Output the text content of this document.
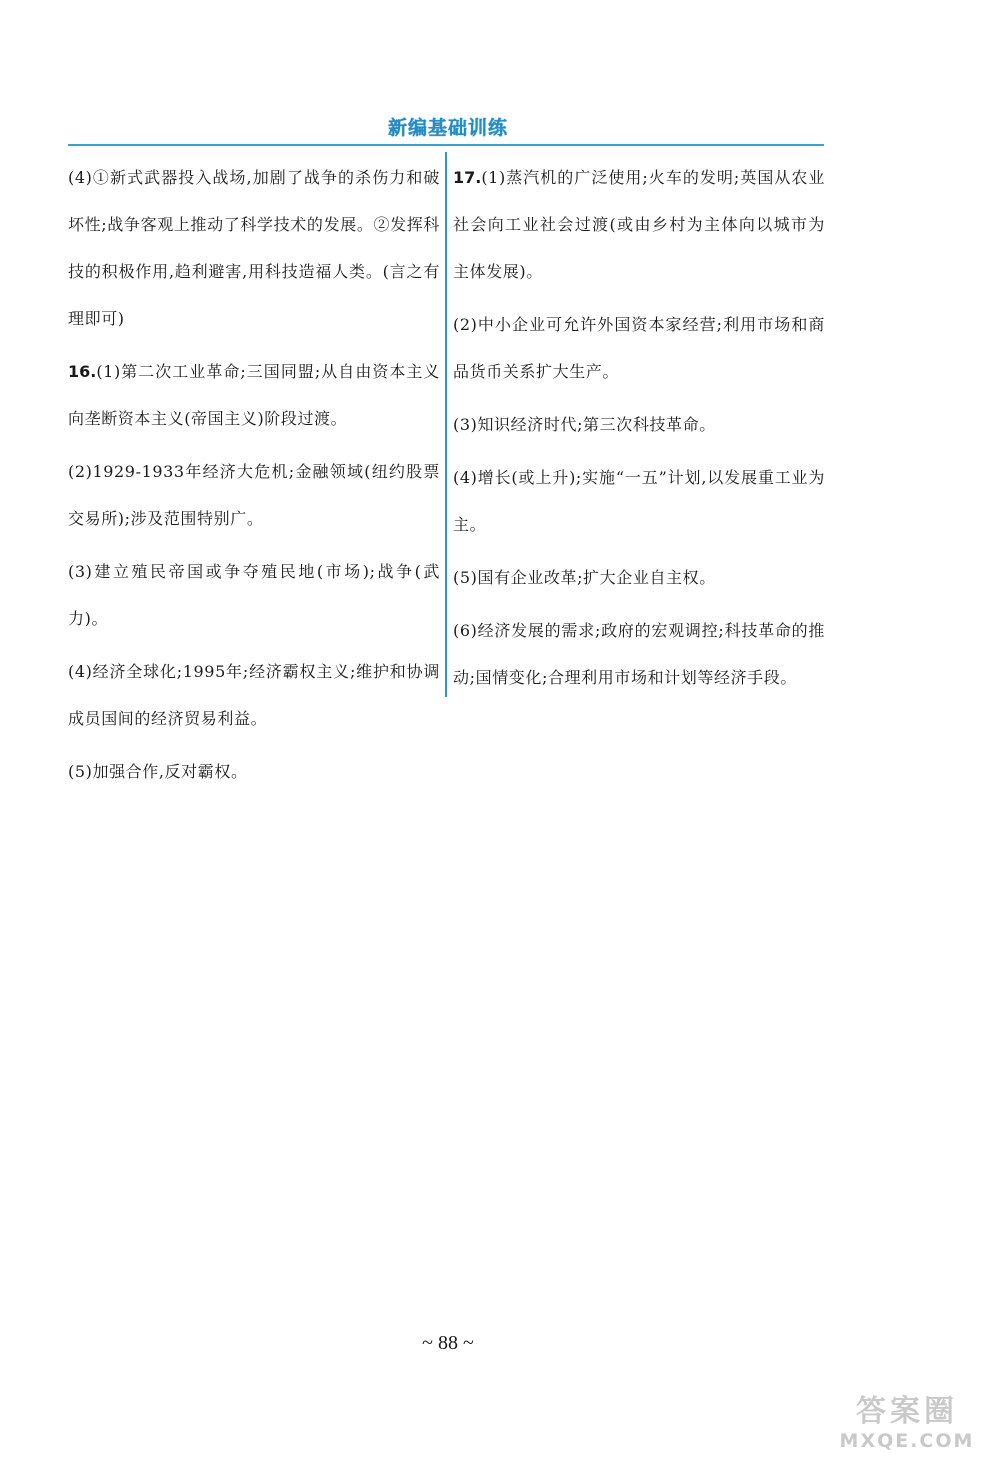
新编基础训练

(4)①新式武器投入战场,加剧了战争的杀伤力和破坏性;战争客观上推动了科学技术的发展。②发挥科技的积极作用,趋利避害,用科技造福人类。(言之有理即可)

16.(1)第二次工业革命;三国同盟;从自由资本主义向垄断资本主义(帝国主义)阶段过渡。

(2)1929-1933年经济大危机;金融领域(纽约股票交易所);涉及范围特别广。

(3)建立殖民帝国或争夺殖民地(市场);战争(武力)。

(4)经济全球化;1995年;经济霸权主义;维护和协调成员国间的经济贸易利益。

(5)加强合作,反对霸权。

17.(1)蒸汽机的广泛使用;火车的发明;英国从农业社会向工业社会过渡(或由乡村为主体向以城市为主体发展)。

(2)中小企业可允许外国资本家经营;利用市场和商品货币关系扩大生产。

(3)知识经济时代;第三次科技革命。

(4)增长(或上升);实施“一五”计划,以发展重工业为主。

(5)国有企业改革;扩大企业自主权。

(6)经济发展的需求;政府的宏观调控;科技革命的推动;国情变化;合理利用市场和计划等经济手段。

~ 88 ~
答案圈
MXQE.COM
